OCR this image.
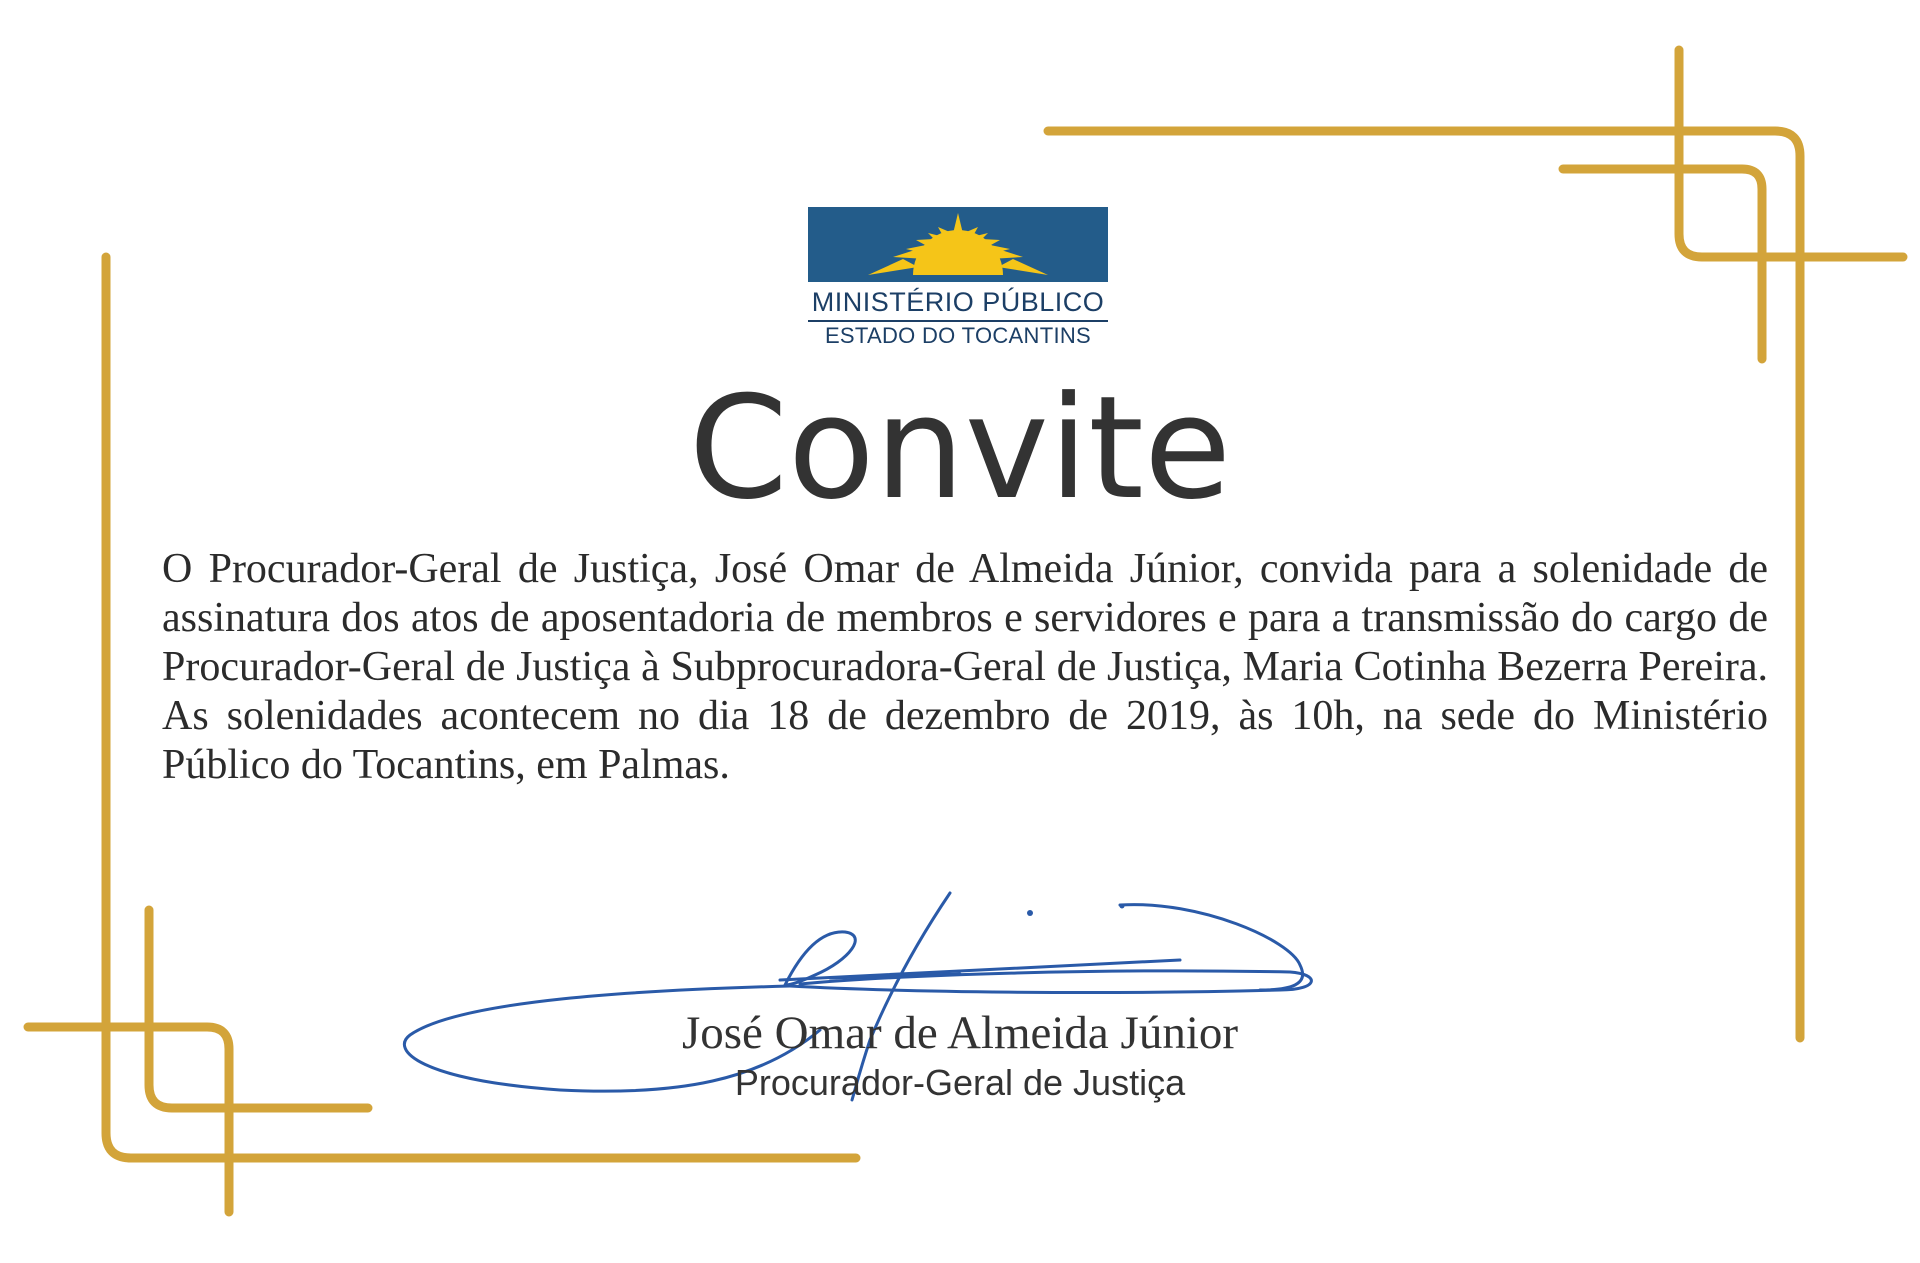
MINISTÉRIO PÚBLICO
ESTADO DO TOCANTINS
Convite
O Procurador-Geral de Justiça, José Omar de Almeida Júnior, convida para a solenidade de assinatura dos atos de aposentadoria de membros e servidores e para a transmissão do cargo de Procurador-Geral de Justiça à Subprocuradora-Geral de Justiça, Maria Cotinha Bezerra Pereira. As solenidades acontecem no dia 18 de dezembro de 2019, às 10h, na sede do Ministério Público do Tocantins, em Palmas.
José Omar de Almeida Júnior
Procurador-Geral de Justiça
